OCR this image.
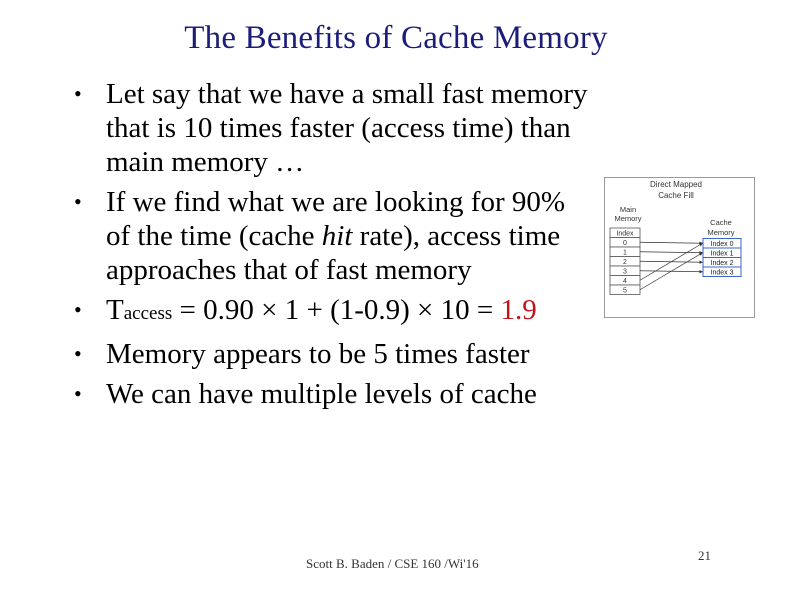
The Benefits of Cache Memory
• Let say that we have a small fast memory that is 10 times faster (access time) than main memory …
• If we find what we are looking for 90% of the time (cache hit rate), access time approaches that of fast memory
• Taccess = 0.90 × 1 + (1-0.9) × 10 = 1.9
• Memory appears to be 5 times faster
• We can have multiple levels of cache
Direct Mapped
Cache Fill
Main
Memory	Cache
Memory
Index
0
1
2
3
4
5
Index 0
Index 1
Index 2
Index 3
Scott B. Baden / CSE 160 /Wi'16
21
